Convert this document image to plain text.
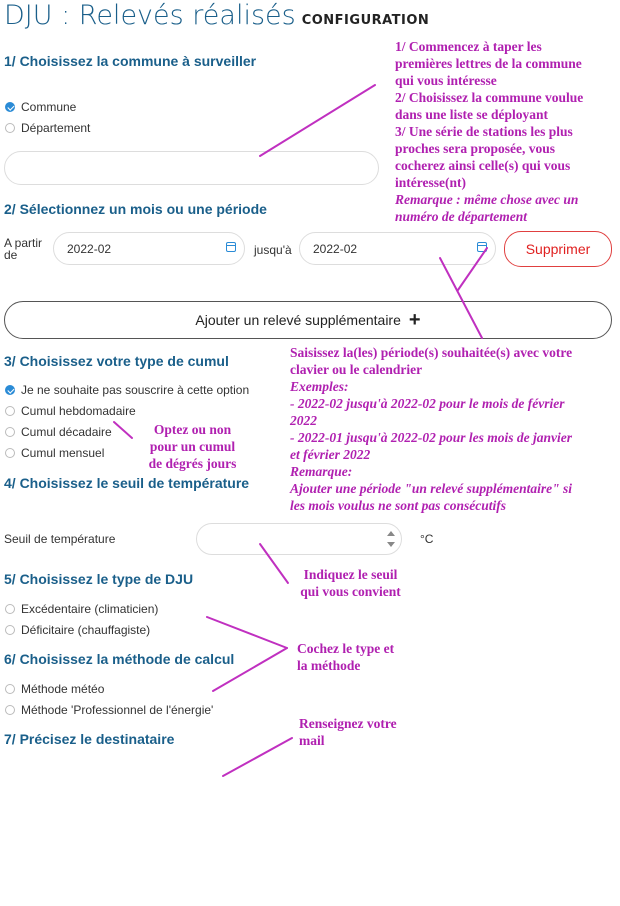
DJU : Relevés réalisés CONFIGURATION
1/ Choisissez la commune à surveiller
Commune
Département
2/ Sélectionnez un mois ou une période
A partir
de	2022-02	jusqu'à 2022-02	Supprimer
Ajouter un relevé supplémentaire +
3/ Choisissez votre type de cumul
Je ne souhaite pas souscrire à cette option
Cumul hebdomadaire
Cumul décadaire
Cumul mensuel
4/ Choisissez le seuil de température
Seuil de température	°C
5/ Choisissez le type de DJU
Excédentaire (climaticien)
Déficitaire (chauffagiste)
6/ Choisissez la méthode de calcul
Méthode météo
Méthode 'Professionnel de l'énergie'
7/ Précisez le destinataire
1/ Commencez à taper les
premières lettres de la commune
qui vous intéresse
2/ Choisissez la commune voulue
dans une liste se déployant
3/ Une série de stations les plus
proches sera proposée, vous
cocherez ainsi celle(s) qui vous
intéresse(nt)
Remarque : même chose avec un
numéro de département
Saisissez la(les) période(s) souhaitée(s) avec votre
clavier ou le calendrier
Exemples:
- 2022-02 jusqu'à 2022-02 pour le mois de février
2022
- 2022-01 jusqu'à 2022-02 pour les mois de janvier
et février 2022
Remarque:
Ajouter une période "un relevé supplémentaire" si
les mois voulus ne sont pas consécutifs
Optez ou non
pour un cumul
de dégrés jours
Indiquez le seuil
qui vous convient
Cochez le type et
la méthode
Renseignez votre
mail
